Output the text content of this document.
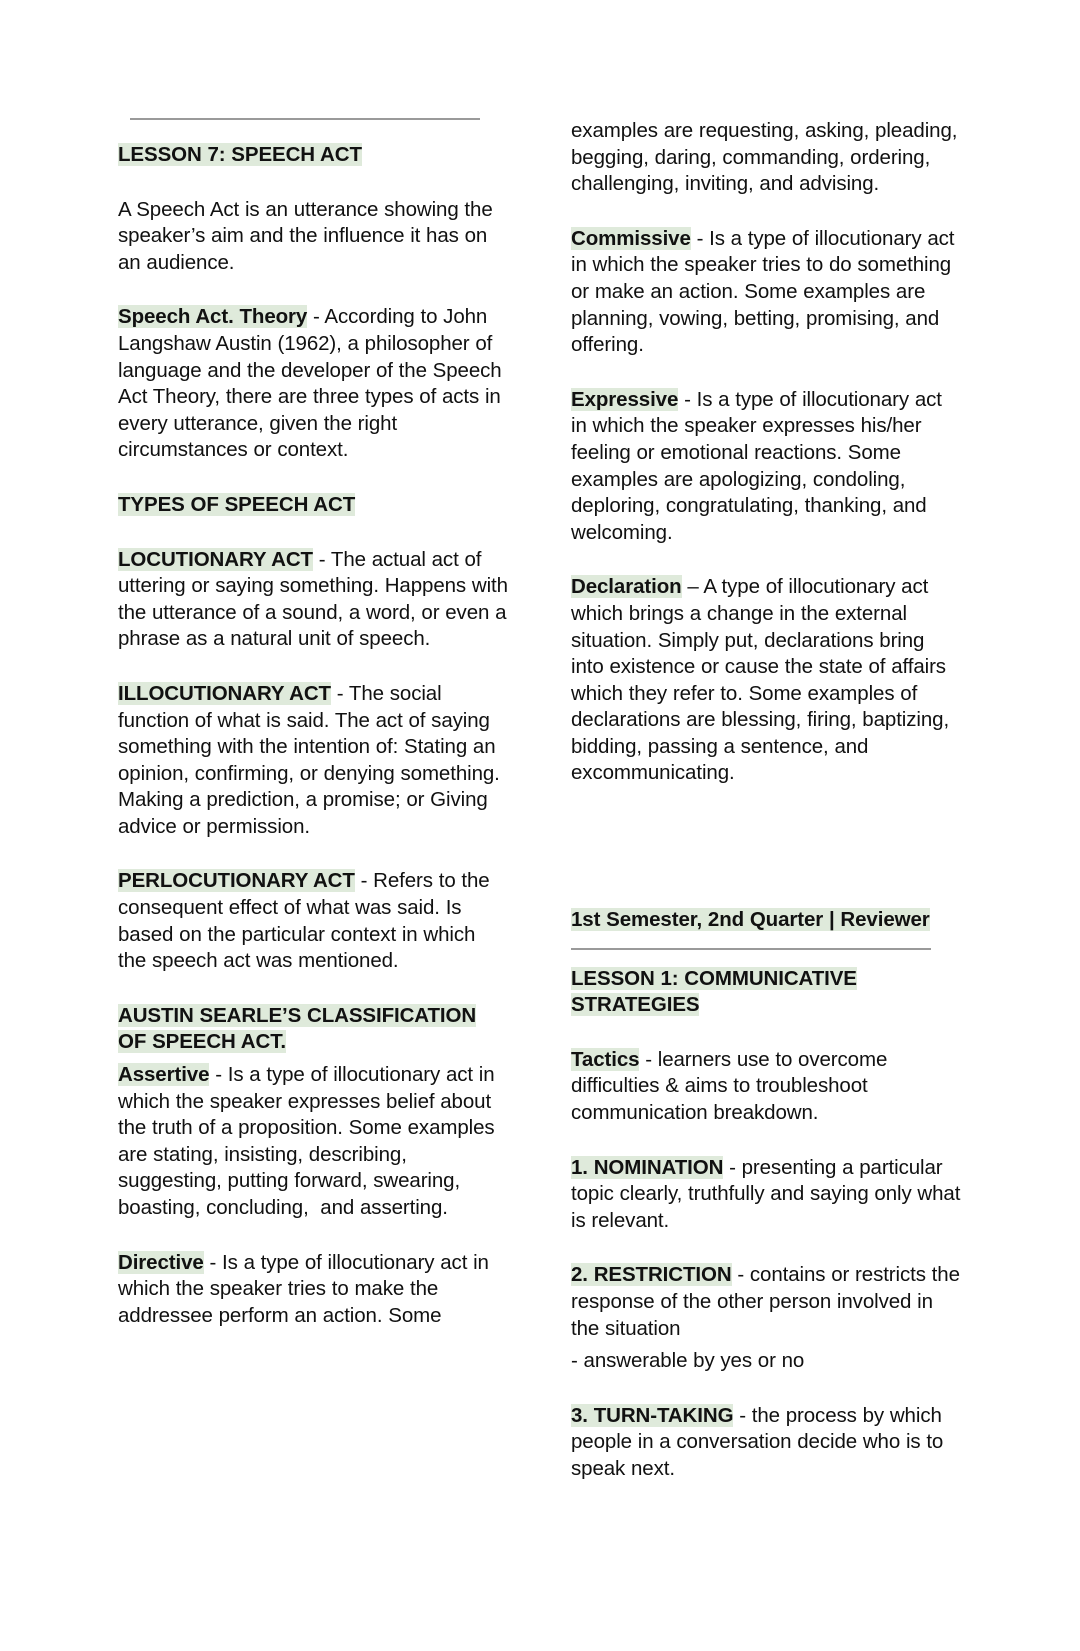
LESSON 7: SPEECH ACT

A Speech Act is an utterance showing the speaker’s aim and the influence it has on an audience.

Speech Act. Theory - According to John Langshaw Austin (1962), a philosopher of language and the developer of the Speech Act Theory, there are three types of acts in every utterance, given the right circumstances or context.

TYPES OF SPEECH ACT

LOCUTIONARY ACT - The actual act of uttering or saying something. Happens with the utterance of a sound, a word, or even a phrase as a natural unit of speech.

ILLOCUTIONARY ACT - The social function of what is said. The act of saying something with the intention of: Stating an opinion, confirming, or denying something. Making a prediction, a promise; or Giving advice or permission.

PERLOCUTIONARY ACT - Refers to the consequent effect of what was said. Is based on the particular context in which the speech act was mentioned.

AUSTIN SEARLE’S CLASSIFICATION
OF SPEECH ACT.

Assertive - Is a type of illocutionary act in which the speaker expresses belief about the truth of a proposition. Some examples are stating, insisting, describing, suggesting, putting forward, swearing, boasting, concluding,  and asserting.

Directive - Is a type of illocutionary act in which the speaker tries to make the addressee perform an action. Some

examples are requesting, asking, pleading, begging, daring, commanding, ordering, challenging, inviting, and advising.

Commissive - Is a type of illocutionary act in which the speaker tries to do something or make an action. Some examples are planning, vowing, betting, promising, and offering.

Expressive - Is a type of illocutionary act in which the speaker expresses his/her feeling or emotional reactions. Some examples are apologizing, condoling, deploring, congratulating, thanking, and welcoming.

Declaration – A type of illocutionary act which brings a change in the external situation. Simply put, declarations bring into existence or cause the state of affairs which they refer to. Some examples of declarations are blessing, firing, baptizing, bidding, passing a sentence, and excommunicating.

1st Semester, 2nd Quarter | Reviewer

LESSON 1: COMMUNICATIVE
STRATEGIES

Tactics - learners use to overcome difficulties & aims to troubleshoot communication breakdown.

1. NOMINATION - presenting a particular topic clearly, truthfully and saying only what is relevant.

2. RESTRICTION - contains or restricts the response of the other person involved in the situation

- answerable by yes or no

3. TURN-TAKING - the process by which people in a conversation decide who is to speak next.
